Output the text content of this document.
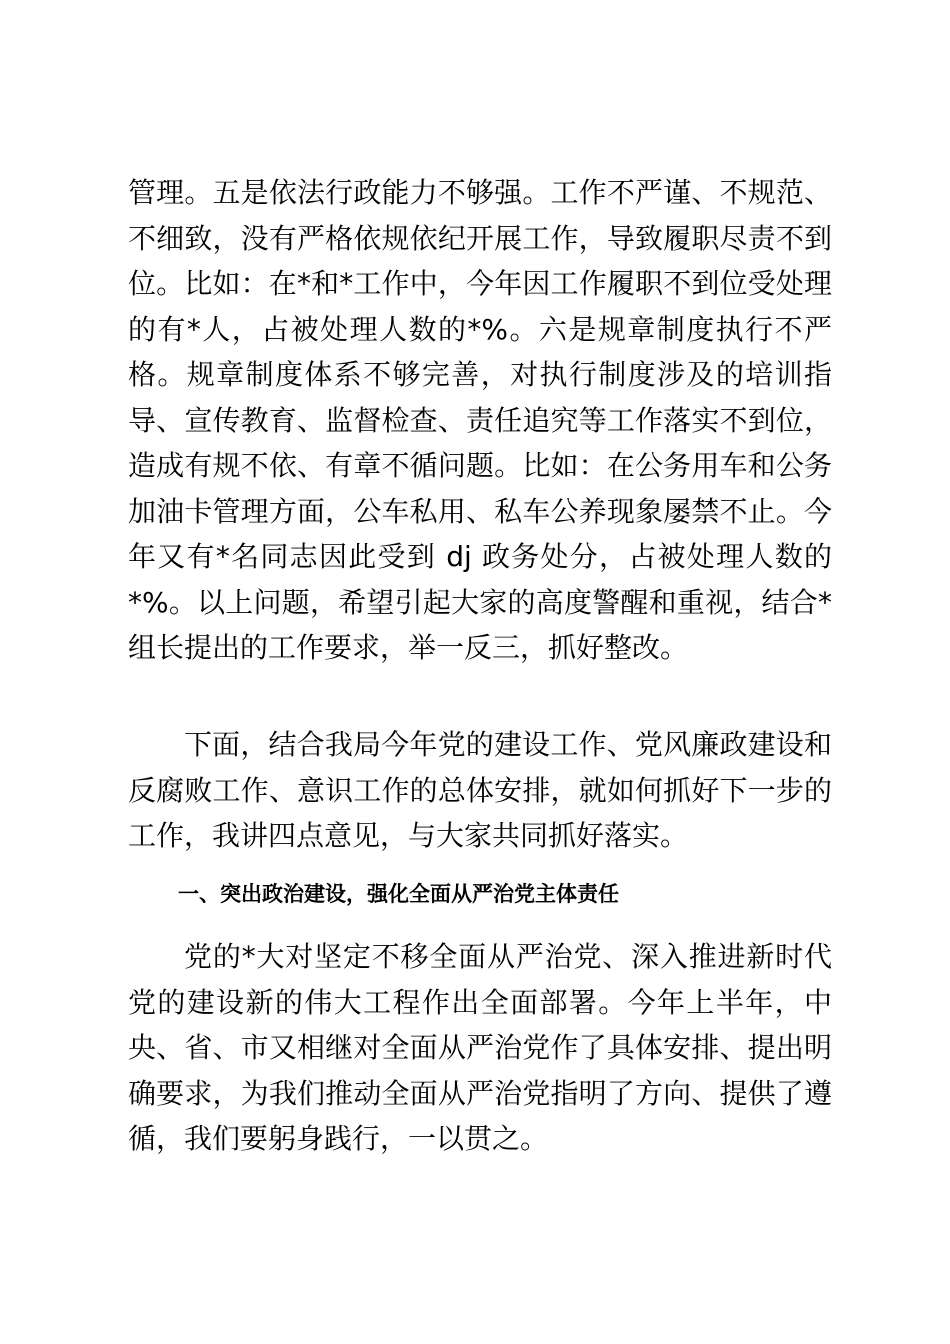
管理。五是依法行政能力不够强。工作不严谨、不规范、不细致，没有严格依规依纪开展工作，导致履职尽责不到位。比如：在*和*工作中，今年因工作履职不到位受处理的有*人，占被处理人数的*%。六是规章制度执行不严格。规章制度体系不够完善，对执行制度涉及的培训指导、宣传教育、监督检查、责任追究等工作落实不到位，造成有规不依、有章不循问题。比如：在公务用车和公务加油卡管理方面，公车私用、私车公养现象屡禁不止。今年又有*名同志因此受到 dj 政务处分，占被处理人数的*%。以上问题，希望引起大家的高度警醒和重视，结合*组长提出的工作要求，举一反三，抓好整改。

下面，结合我局今年党的建设工作、党风廉政建设和反腐败工作、意识工作的总体安排，就如何抓好下一步的工作，我讲四点意见，与大家共同抓好落实。

一、突出政治建设，强化全面从严治党主体责任

党的*大对坚定不移全面从严治党、深入推进新时代党的建设新的伟大工程作出全面部署。今年上半年，中央、省、市又相继对全面从严治党作了具体安排、提出明确要求，为我们推动全面从严治党指明了方向、提供了遵循，我们要躬身践行，一以贯之。
